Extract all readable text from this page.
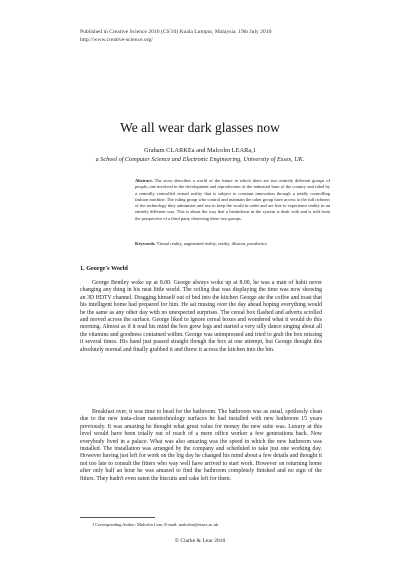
Published in Creative Science 2010 (CS'10) Kuala Lumpur, Malaysia. 19th July 2010
http://www.creative-science.org/
We all wear dark glasses now
Graham CLARKEa and Malcolm LEARa,1
a School of Computer Science and Electronic Engineering, University of Essex, UK.
Abstract. The story describes a world of the future in which there are two entirely different groups of people, one involved in the development and reproduction of the industrial base of the country and ruled by a centrally controlled virtual reality that is subject to constant innovation through a totally controlling fashion machine. The ruling group who control and maintain the other group have access to the full richness of the technology they administer and use to keep the world in order and are free to experience reality in an entirely different way. This is about the way that a breakdown in the system is dealt with and is told from the perspective of a third party observing these two groups.
Keywords. Virtual reality, augmented reality, reality, illusion, prosthetics
1. George's World
George Bentley woke up at 8.00. George always woke up at 8.00, he was a man of habit never changing any thing in his neat little world. The ceiling that was displaying the time was now showing an 3D HDTV channel. Dragging himself out of bed into the kitchen George ate the coffee and toast that his intelligent home had prepared for him. He sat musing over the day ahead hoping everything would be the same as any other day with no unexpected surprises. The cereal box flashed and adverts scrolled and moved across the surface. George liked to ignore cereal boxes and wondered what it would do this morning. Almost as if it read his mind the box grew legs and started a very silly dance singing about all the vitamins and goodness contained within. George was unimpressed and tried to grab the box missing it several times. His hand just passed straight though the box at one attempt, but George thought this absolutely normal and finally grabbed it and threw it across the kitchen into the bin.
Breakfast over, it was time to head for the bathroom. The bathroom was as usual, spotlessly clean due to the new insta-clean nanotechnology surfaces he had installed with new bathroom 15 years previously. It was amazing he thought what great value for money the new suite was. Luxury at this level would have been totally out of reach of a mere office worker a few generations back. Now everybody lived in a palace. What was also amazing was the speed in which the new bathroom was installed. The installation was arranged by the company and scheduled to take just one working day. However having just left for work on the big day he changed his mind about a few details and thought it not too late to consult the fitters who way well have arrived to start work. However on returning home after only half an hour he was amazed to find the bathroom completely finished and no sign of the fitters. They hadn't even eaten the biscuits and cake left for them.
1 Corresponding Author: Malcolm Lear; E-mail: malcolm@essex.ac.uk.
© Clarke & Lear 2010
